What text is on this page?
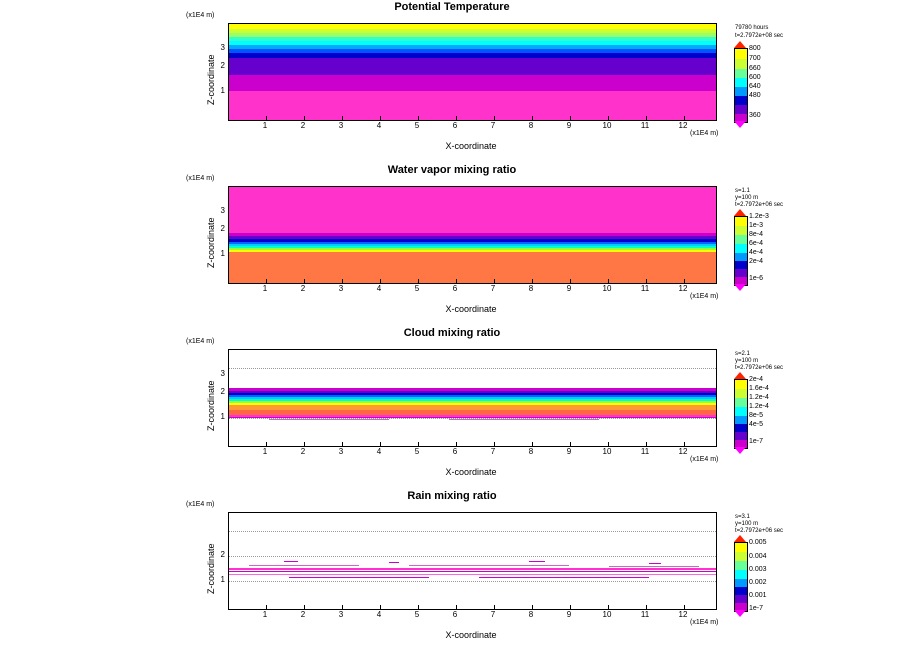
Potential Temperature
(x1E4 m)
Z-coordinate
3
2
1
1	2	3	4	5	6	7	8	9	10	11	12
(x1E4 m)
X-coordinate
79780 hours
t=2.7972e+08 sec
800
700
660
600
640
480
360
Water vapor mixing ratio
(x1E4 m)
Z-coordinate
3
2
1
1	2	3	4	5	6	7	8	9	10	11	12
(x1E4 m)
X-coordinate
s=1.1
y=100 m
t=2.7972e+06 sec
1.2e-3
1e-3
8e-4
6e-4
4e-4
2e-4
1e-6
Cloud mixing ratio
(x1E4 m)
Z-coordinate
3
2
1
1	2	3	4	5	6	7	8	9	10	11	12
(x1E4 m)
X-coordinate
s=2.1
y=100 m
t=2.7972e+06 sec
2e-4
1.6e-4
1.2e-4
1.2e-4
8e-5
4e-5
1e-7
Rain mixing ratio
(x1E4 m)
Z-coordinate 2
1
1	2	3	4	5	6	7	8	9	10	11	12
(x1E4 m)
X-coordinate
s=3.1
y=100 m
t=2.7972e+06 sec
0.005
0.004
0.003
0.002
0.001
1e-7
